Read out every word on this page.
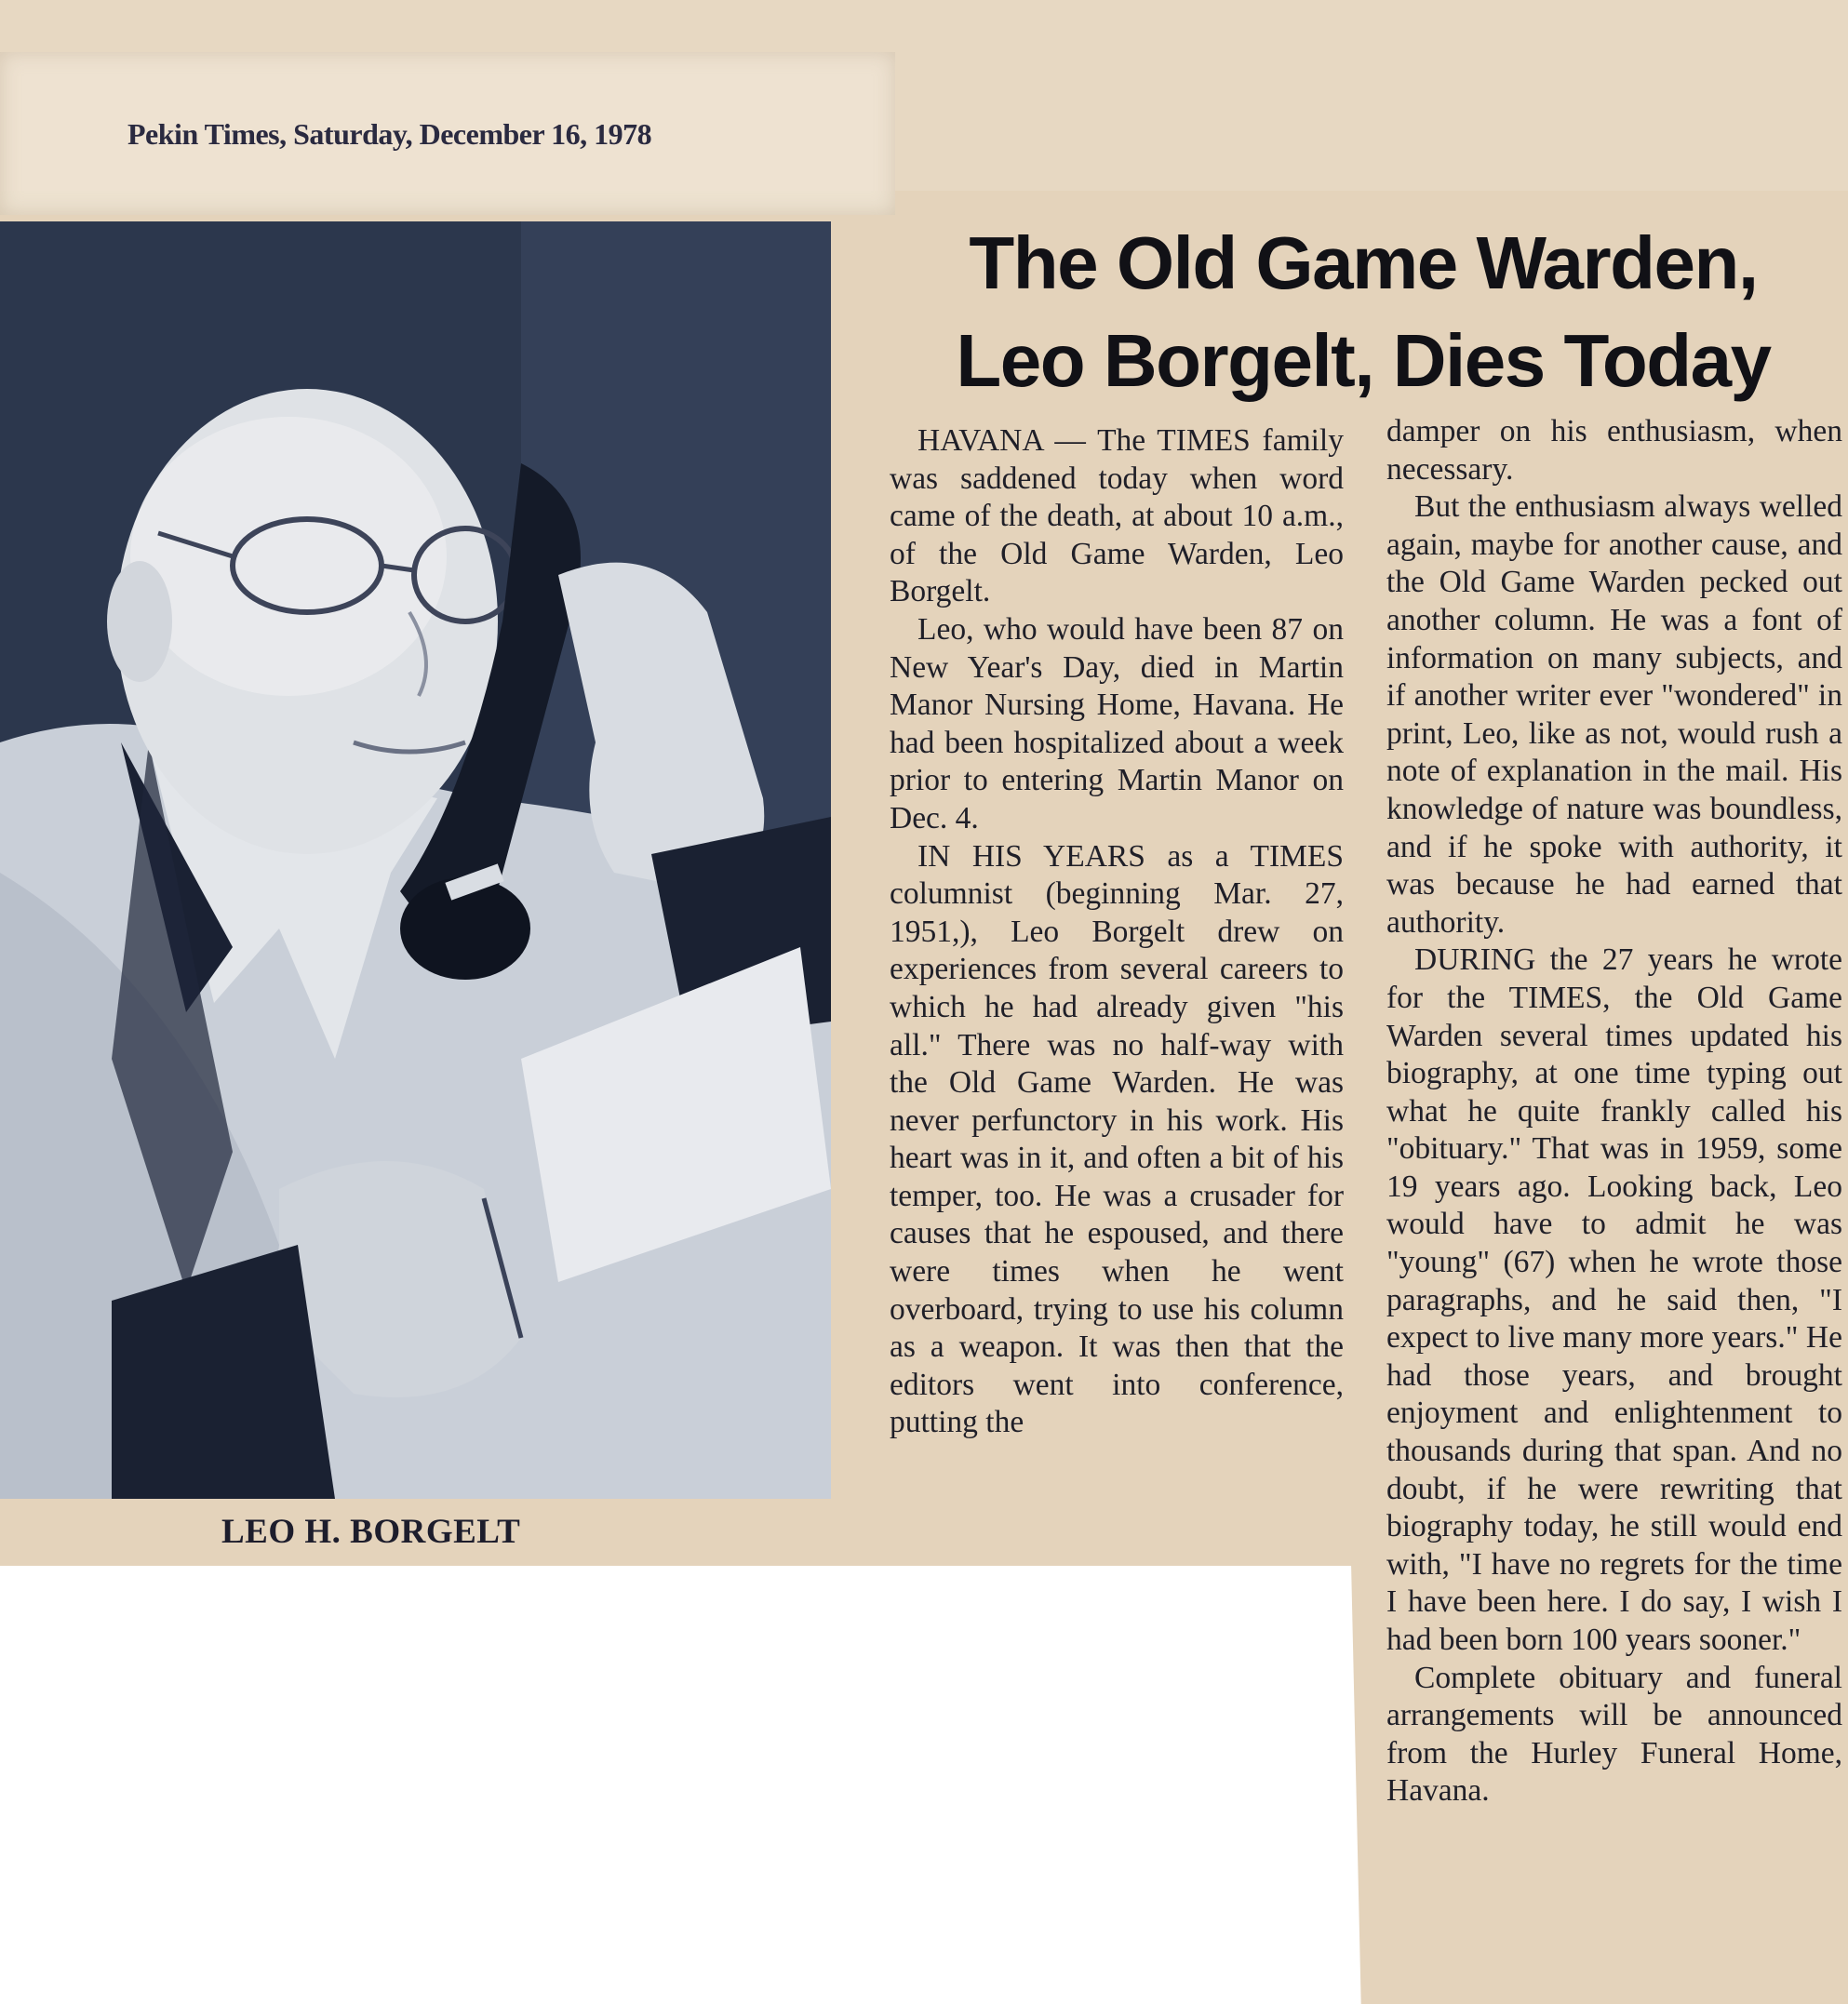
Pekin Times, Saturday, December 16, 1978
LEO H. BORGELT
The Old Game Warden,
Leo Borgelt, Dies Today

HAVANA — The TIMES family was saddened today when word came of the death, at about 10 a.m., of the Old Game Warden, Leo Borgelt.

Leo, who would have been 87 on New Year's Day, died in Martin Manor Nursing Home, Havana. He had been hospitalized about a week prior to entering Martin Manor on Dec. 4.

IN HIS YEARS as a TIMES columnist (beginning Mar. 27, 1951,), Leo Borgelt drew on experiences from several careers to which he had already given "his all." There was no half-way with the Old Game Warden. He was never perfunctory in his work. His heart was in it, and often a bit of his temper, too. He was a crusader for causes that he espoused, and there were times when he went overboard, trying to use his column as a weapon. It was then that the editors went into conference, putting the

damper on his enthusiasm, when necessary.

But the enthusiasm always welled again, maybe for another cause, and the Old Game Warden pecked out another column. He was a font of information on many subjects, and if another writer ever "wondered" in print, Leo, like as not, would rush a note of explanation in the mail. His knowledge of nature was boundless, and if he spoke with authority, it was because he had earned that authority.

DURING the 27 years he wrote for the TIMES, the Old Game Warden several times updated his biography, at one time typing out what he quite frankly called his "obituary." That was in 1959, some 19 years ago. Looking back, Leo would have to admit he was "young" (67) when he wrote those paragraphs, and he said then, "I expect to live many more years." He had those years, and brought enjoyment and enlightenment to thousands during that span. And no doubt, if he were rewriting that biography today, he still would end with, "I have no regrets for the time I have been here. I do say, I wish I had been born 100 years sooner."

Complete obituary and funeral arrangements will be announced from the Hurley Funeral Home, Havana.
